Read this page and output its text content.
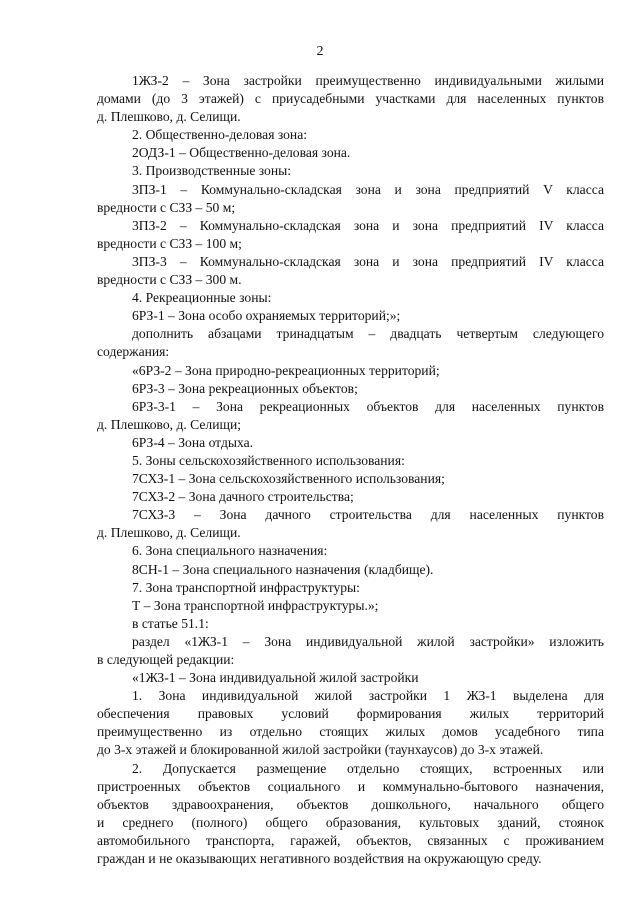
2
1ЖЗ-2 – Зона застройки преимущественно индивидуальными жилыми
домами (до 3 этажей) с приусадебными участками для населенных пунктов
д. Плешково, д. Селищи.
2. Общественно-деловая зона:
2ОДЗ-1 – Общественно-деловая зона.
3. Производственные зоны:
3ПЗ-1 – Коммунально-складская зона и зона предприятий V класса
вредности с СЗЗ – 50 м;
3ПЗ-2 – Коммунально-складская зона и зона предприятий IV класса
вредности с СЗЗ – 100 м;
3ПЗ-3 – Коммунально-складская зона и зона предприятий IV класса
вредности с СЗЗ – 300 м.
4. Рекреационные зоны:
6РЗ-1 – Зона особо охраняемых территорий;»;
дополнить абзацами тринадцатым – двадцать четвертым следующего
содержания:
«6РЗ-2 – Зона природно-рекреационных территорий;
6РЗ-3 – Зона рекреационных объектов;
6РЗ-3-1 – Зона рекреационных объектов для населенных пунктов
д. Плешково, д. Селищи;
6РЗ-4 – Зона отдыха.
5. Зоны сельскохозяйственного использования:
7СХЗ-1 – Зона сельскохозяйственного использования;
7СХЗ-2 – Зона дачного строительства;
7СХЗ-3 – Зона дачного строительства для населенных пунктов
д. Плешково, д. Селищи.
6. Зона специального назначения:
8СН-1 – Зона специального назначения (кладбище).
7. Зона транспортной инфраструктуры:
Т – Зона транспортной инфраструктуры.»;
в статье 51.1:
раздел «1ЖЗ-1 – Зона индивидуальной жилой застройки» изложить
в следующей редакции:
«1ЖЗ-1 – Зона индивидуальной жилой застройки
1. Зона индивидуальной жилой застройки 1 ЖЗ-1 выделена для
обеспечения правовых условий формирования жилых территорий
преимущественно из отдельно стоящих жилых домов усадебного типа
до 3-х этажей и блокированной жилой застройки (таунхаусов) до 3-х этажей.
2. Допускается размещение отдельно стоящих, встроенных или
пристроенных объектов социального и коммунально-бытового назначения,
объектов здравоохранения, объектов дошкольного, начального общего
и среднего (полного) общего образования, культовых зданий, стоянок
автомобильного транспорта, гаражей, объектов, связанных с проживанием
граждан и не оказывающих негативного воздействия на окружающую среду.
